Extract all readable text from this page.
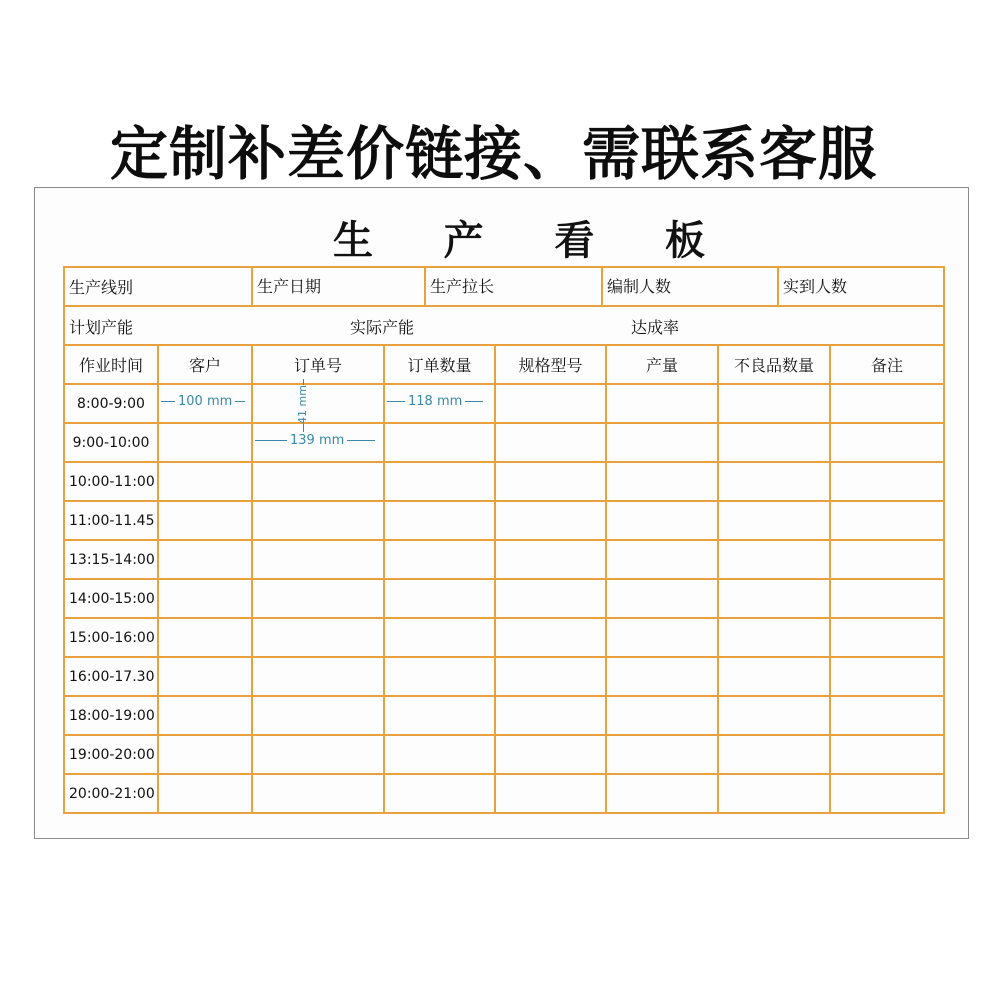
定制补差价链接、需联系客服
生 产 看 板
生产线别		生产日期 生产拉长 编制人数 实到人数					

计划产能 实际产能 达成率							

作业时间	客户	订单号	订单数量	规格型号	产量	不良品数量	备注
8:00-9:00	100 mm	41 mm	118 mm				

9:00-10:00		139 mm					

10:00-11:00							
11:00-11.45							
13:15-14:00							
14:00-15:00							
15:00-16:00							
16:00-17.30							
18:00-19:00							
19:00-20:00							
20:00-21:00							
